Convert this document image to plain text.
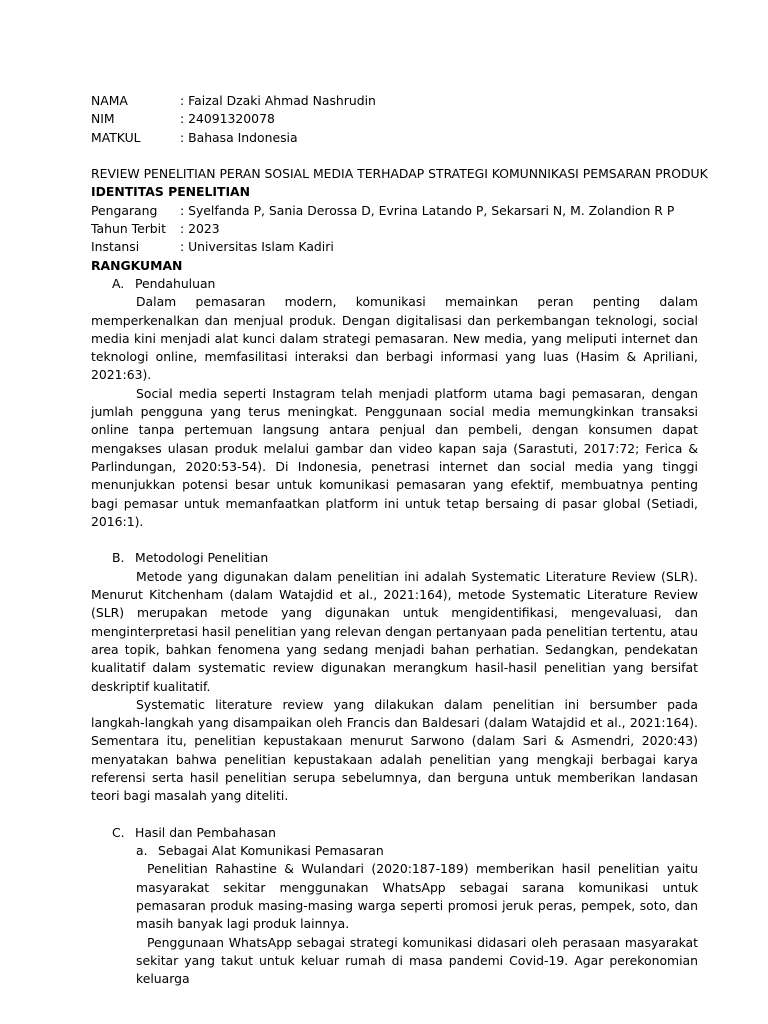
NAMA	: Faizal Dzaki Ahmad Nashrudin
NIM	: 24091320078
MATKUL	: Bahasa Indonesia
REVIEW PENELITIAN PERAN SOSIAL MEDIA TERHADAP STRATEGI KOMUNNIKASI PEMSARAN PRODUK
IDENTITAS PENELITIAN
Pengarang	: Syelfanda P, Sania Derossa D, Evrina Latando P, Sekarsari N, M. Zolandion R P
Tahun Terbit	: 2023
Instansi	: Universitas Islam Kadiri
RANGKUMAN
A. Pendahuluan

Dalam pemasaran modern, komunikasi memainkan peran penting dalam memperkenalkan dan menjual produk. Dengan digitalisasi dan perkembangan teknologi, social media kini menjadi alat kunci dalam strategi pemasaran. New media, yang meliputi internet dan teknologi online, memfasilitasi interaksi dan berbagi informasi yang luas (Hasim & Apriliani, 2021:63).

Social media seperti Instagram telah menjadi platform utama bagi pemasaran, dengan jumlah pengguna yang terus meningkat. Penggunaan social media memungkinkan transaksi online tanpa pertemuan langsung antara penjual dan pembeli, dengan konsumen dapat mengakses ulasan produk melalui gambar dan video kapan saja (Sarastuti, 2017:72; Ferica & Parlindungan, 2020:53-54). Di Indonesia, penetrasi internet dan social media yang tinggi menunjukkan potensi besar untuk komunikasi pemasaran yang efektif, membuatnya penting bagi pemasar untuk memanfaatkan platform ini untuk tetap bersaing di pasar global (Setiadi, 2016:1).

B. Metodologi Penelitian

Metode yang digunakan dalam penelitian ini adalah Systematic Literature Review (SLR). Menurut Kitchenham (dalam Watajdid et al., 2021:164), metode Systematic Literature Review (SLR) merupakan metode yang digunakan untuk mengidentifikasi, mengevaluasi, dan menginterpretasi hasil penelitian yang relevan dengan pertanyaan pada penelitian tertentu, atau area topik, bahkan fenomena yang sedang menjadi bahan perhatian. Sedangkan, pendekatan kualitatif dalam systematic review digunakan merangkum hasil-hasil penelitian yang bersifat deskriptif kualitatif.

Systematic literature review yang dilakukan dalam penelitian ini bersumber pada langkah-langkah yang disampaikan oleh Francis dan Baldesari (dalam Watajdid et al., 2021:164). Sementara itu, penelitian kepustakaan menurut Sarwono (dalam Sari & Asmendri, 2020:43) menyatakan bahwa penelitian kepustakaan adalah penelitian yang mengkaji berbagai karya referensi serta hasil penelitian serupa sebelumnya, dan berguna untuk memberikan landasan teori bagi masalah yang diteliti.

C. Hasil dan Pembahasan
a. Sebagai Alat Komunikasi Pemasaran

Penelitian Rahastine & Wulandari (2020:187-189) memberikan hasil penelitian yaitu masyarakat sekitar menggunakan WhatsApp sebagai sarana komunikasi untuk pemasaran produk masing-masing warga seperti promosi jeruk peras, pempek, soto, dan masih banyak lagi produk lainnya.

Penggunaan WhatsApp sebagai strategi komunikasi didasari oleh perasaan masyarakat sekitar yang takut untuk keluar rumah di masa pandemi Covid-19. Agar perekonomian keluarga
